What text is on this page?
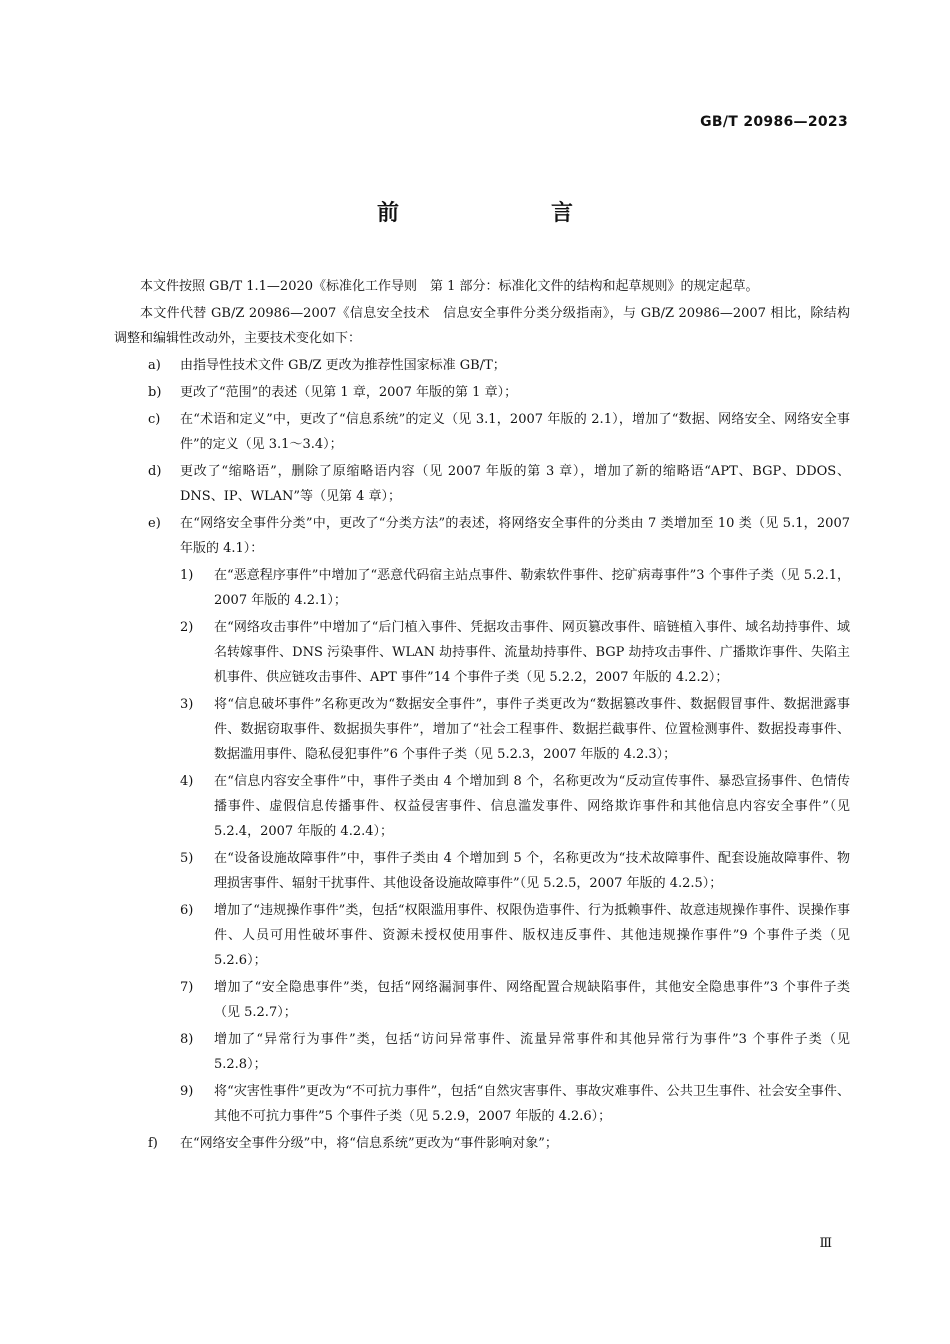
GB/T 20986—2023
前　　言

本文件按照 GB/T 1.1—2020《标准化工作导则　第 1 部分：标准化文件的结构和起草规则》的规定起草。

本文件代替 GB/Z 20986—2007《信息安全技术　信息安全事件分类分级指南》，与 GB/Z 20986—2007 相比，除结构调整和编辑性改动外，主要技术变化如下：

a) 由指导性技术文件 GB/Z 更改为推荐性国家标准 GB/T；
b) 更改了“范围”的表述（见第 1 章，2007 年版的第 1 章）；
c) 在“术语和定义”中，更改了“信息系统”的定义（见 3.1，2007 年版的 2.1），增加了“数据、网络安全、网络安全事件”的定义（见 3.1～3.4）；
d) 更改了“缩略语”，删除了原缩略语内容（见 2007 年版的第 3 章），增加了新的缩略语“APT、BGP、DDOS、DNS、IP、WLAN”等（见第 4 章）；
e) 在“网络安全事件分类”中，更改了“分类方法”的表述，将网络安全事件的分类由 7 类增加至 10 类（见 5.1，2007 年版的 4.1）：
1) 在“恶意程序事件”中增加了“恶意代码宿主站点事件、勒索软件事件、挖矿病毒事件”3 个事件子类（见 5.2.1，2007 年版的 4.2.1）；
2) 在“网络攻击事件”中增加了“后门植入事件、凭据攻击事件、网页篡改事件、暗链植入事件、域名劫持事件、域名转嫁事件、DNS 污染事件、WLAN 劫持事件、流量劫持事件、BGP 劫持攻击事件、广播欺诈事件、失陷主机事件、供应链攻击事件、APT 事件”14 个事件子类（见 5.2.2，2007 年版的 4.2.2）；
3) 将“信息破坏事件”名称更改为“数据安全事件”，事件子类更改为“数据篡改事件、数据假冒事件、数据泄露事件、数据窃取事件、数据损失事件”，增加了“社会工程事件、数据拦截事件、位置检测事件、数据投毒事件、数据滥用事件、隐私侵犯事件”6 个事件子类（见 5.2.3，2007 年版的 4.2.3）；
4) 在“信息内容安全事件”中，事件子类由 4 个增加到 8 个，名称更改为“反动宣传事件、暴恐宣扬事件、色情传播事件、虚假信息传播事件、权益侵害事件、信息滥发事件、网络欺诈事件和其他信息内容安全事件”（见 5.2.4，2007 年版的 4.2.4）；
5) 在“设备设施故障事件”中，事件子类由 4 个增加到 5 个，名称更改为“技术故障事件、配套设施故障事件、物理损害事件、辐射干扰事件、其他设备设施故障事件”（见 5.2.5，2007 年版的 4.2.5）；
6) 增加了“违规操作事件”类，包括“权限滥用事件、权限伪造事件、行为抵赖事件、故意违规操作事件、误操作事件、人员可用性破坏事件、资源未授权使用事件、版权违反事件、其他违规操作事件”9 个事件子类（见 5.2.6）；
7) 增加了“安全隐患事件”类，包括“网络漏洞事件、网络配置合规缺陷事件，其他安全隐患事件”3 个事件子类（见 5.2.7）；
8) 增加了“异常行为事件”类，包括“访问异常事件、流量异常事件和其他异常行为事件”3 个事件子类（见 5.2.8）；
9) 将“灾害性事件”更改为“不可抗力事件”，包括“自然灾害事件、事故灾难事件、公共卫生事件、社会安全事件、其他不可抗力事件”5 个事件子类（见 5.2.9，2007 年版的 4.2.6）；
f) 在“网络安全事件分级”中，将“信息系统”更改为“事件影响对象”；
Ⅲ
